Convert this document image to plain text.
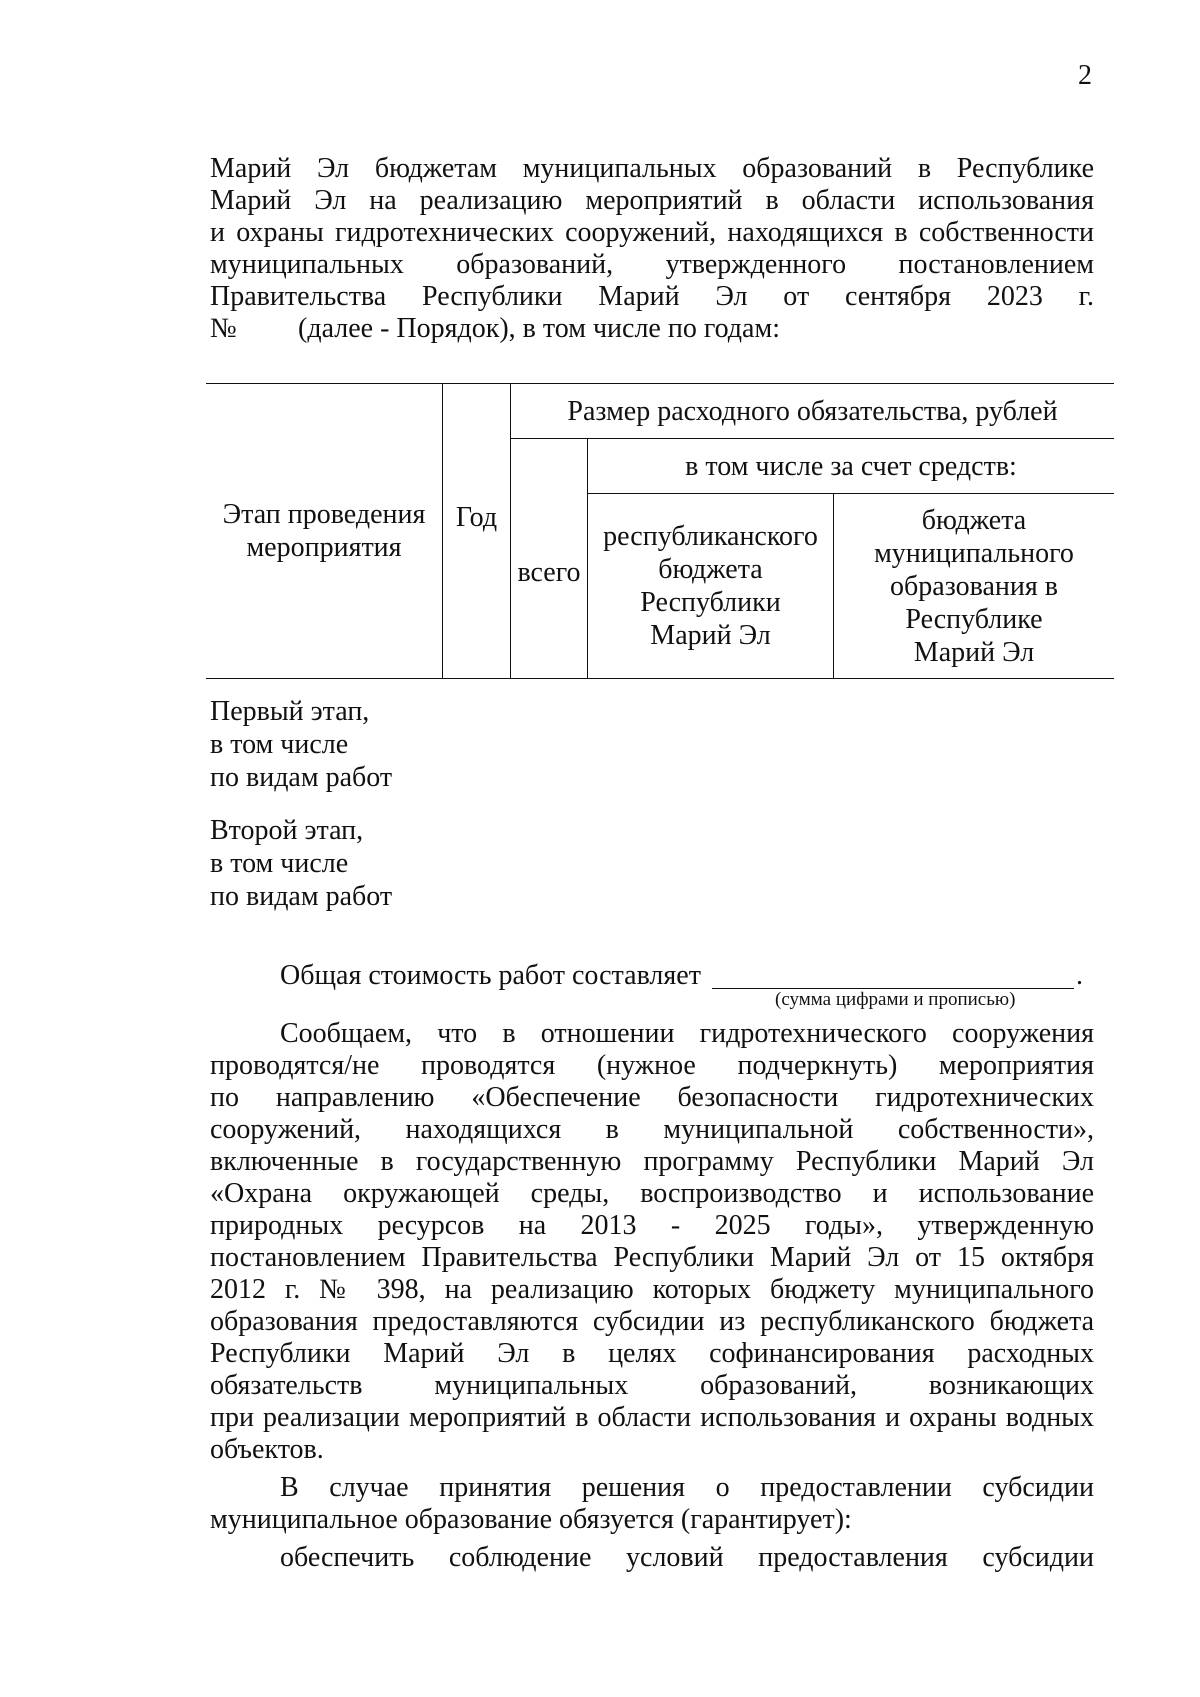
2
Марий Эл бюджетам муниципальных образований в Республике
Марий Эл на реализацию мероприятий в области использования
и охраны гидротехнических сооружений, находящихся в собственности
муниципальных образований, утвержденного постановлением
Правительства Республики Марий Эл от сентября 2023 г.
№ (далее - Порядок), в том числе по годам:
Этап проведения мероприятия
Год
Размер расходного обязательства, рублей
всего
в том числе за счет средств:
республиканского бюджета Республики Марий Эл
бюджета муниципального образования в Республике Марий Эл
Первый этап,
в том числе
по видам работ
Второй этап,
в том числе
по видам работ
Общая стоимость работ составляет	.
(сумма цифрами и прописью)
Сообщаем, что в отношении гидротехнического сооружения
проводятся/не проводятся (нужное подчеркнуть) мероприятия
по направлению «Обеспечение безопасности гидротехнических
сооружений, находящихся в муниципальной собственности»,
включенные в государственную программу Республики Марий Эл
«Охрана окружающей среды, воспроизводство и использование
природных ресурсов на 2013 - 2025 годы», утвержденную
постановлением Правительства Республики Марий Эл от 15 октября
2012 г. № 398, на реализацию которых бюджету муниципального
образования предоставляются субсидии из республиканского бюджета
Республики Марий Эл в целях софинансирования расходных
обязательств муниципальных образований, возникающих
при реализации мероприятий в области использования и охраны водных
объектов.
В случае принятия решения о предоставлении субсидии
муниципальное образование обязуется (гарантирует):
обеспечить соблюдение условий предоставления субсидии
